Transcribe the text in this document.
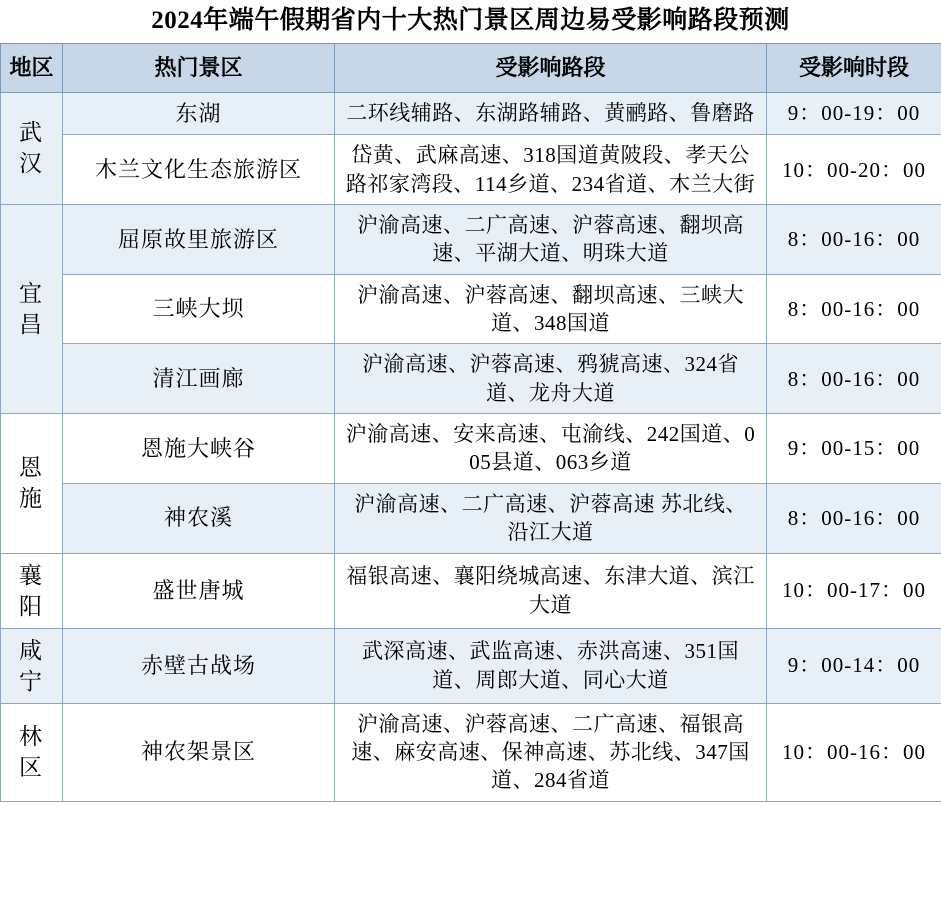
2024年端午假期省内十大热门景区周边易受影响路段预测
地区	热门景区	受影响路段	受影响时段
武汉	东湖	二环线辅路、东湖路辅路、黄鹂路、鲁磨路	9：00-19：00
	木兰文化生态旅游区	岱黄、武麻高速、318国道黄陂段、孝天公路祁家湾段、114乡道、234省道、木兰大街	10：00-20：00
宜昌	屈原故里旅游区	沪渝高速、二广高速、沪蓉高速、翻坝高速、平湖大道、明珠大道	8：00-16：00
	三峡大坝	沪渝高速、沪蓉高速、翻坝高速、三峡大道、348国道	8：00-16：00
	清江画廊	沪渝高速、沪蓉高速、鸦猇高速、324省道、龙舟大道	8：00-16：00
恩施	恩施大峡谷	沪渝高速、安来高速、屯渝线、242国道、005县道、063乡道	9：00-15：00
	神农溪	沪渝高速、二广高速、沪蓉高速 苏北线、沿江大道	8：00-16：00
襄阳	盛世唐城	福银高速、襄阳绕城高速、东津大道、滨江大道	10：00-17：00
咸宁	赤壁古战场	武深高速、武监高速、赤洪高速、351国道、周郎大道、同心大道	9：00-14：00
林区	神农架景区	沪渝高速、沪蓉高速、二广高速、福银高速、麻安高速、保神高速、苏北线、347国道、284省道	10：00-16：00
